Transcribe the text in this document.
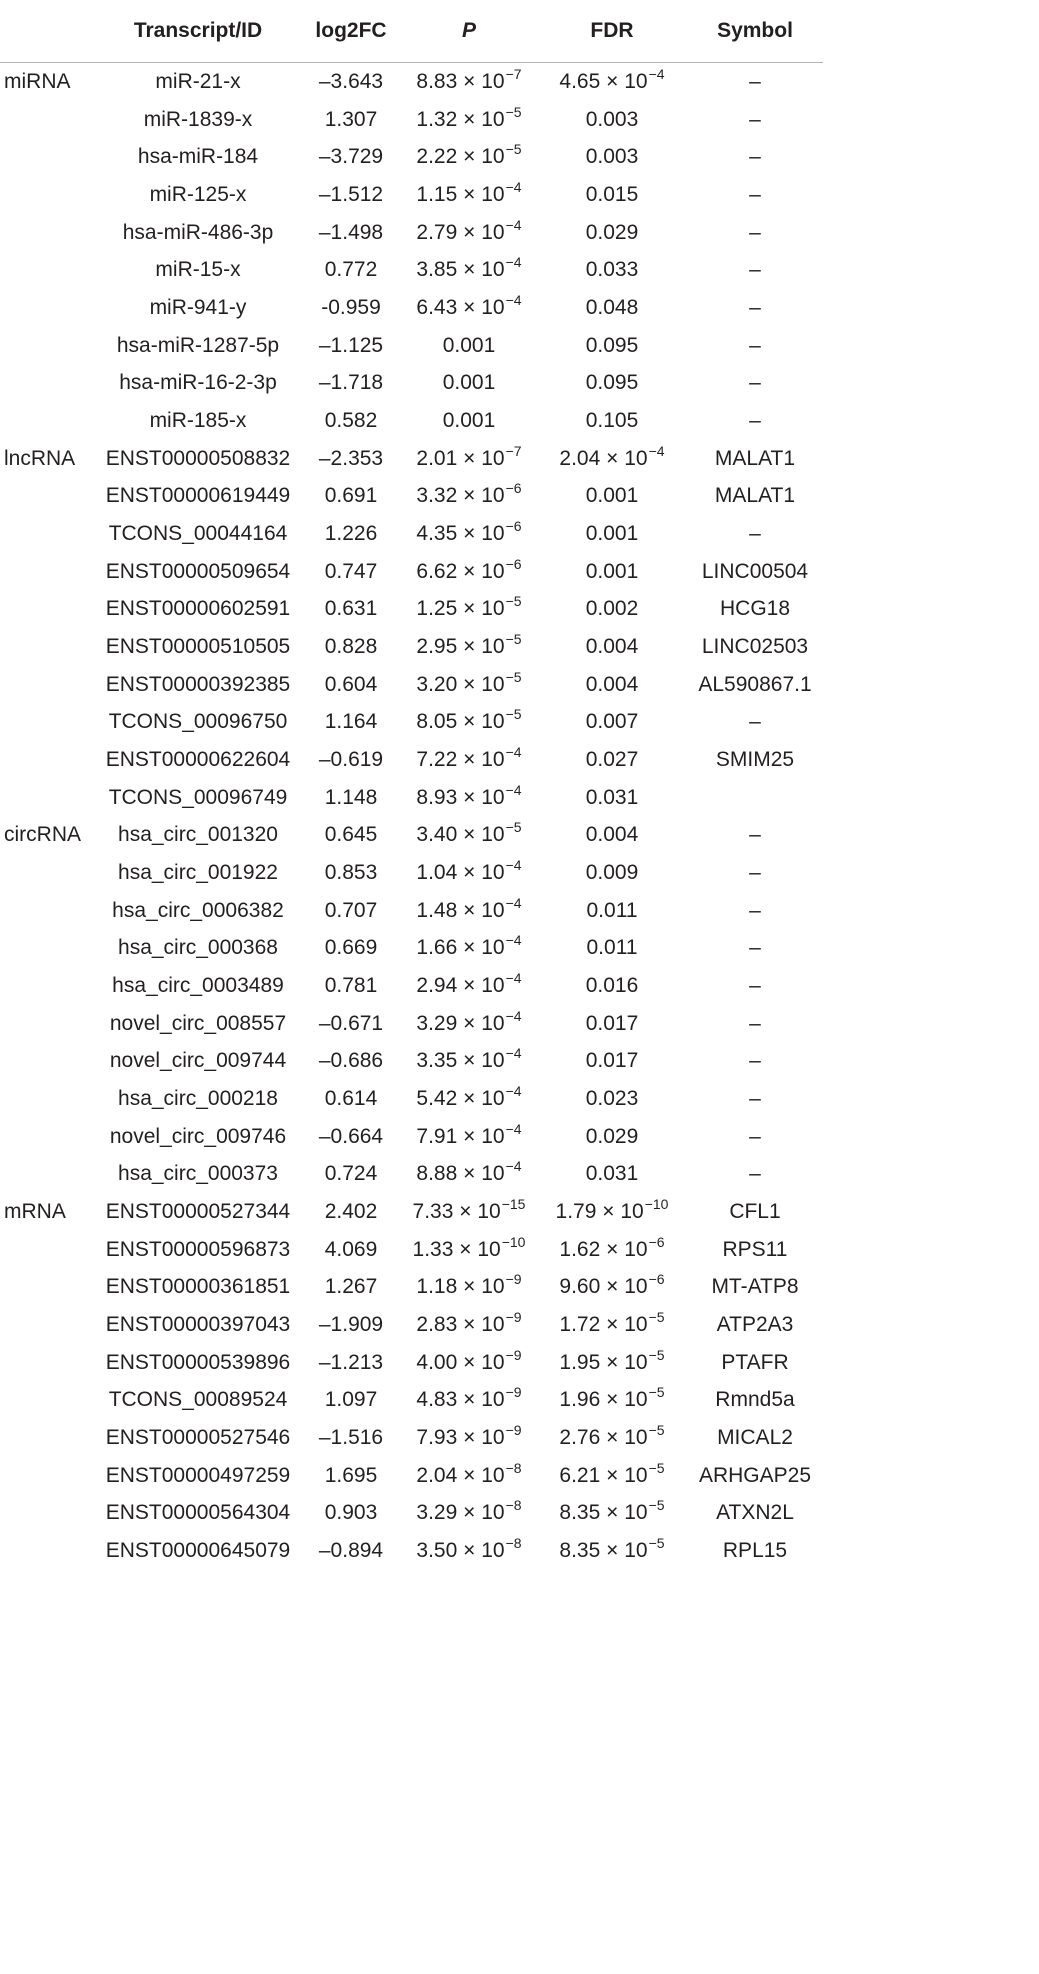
	Transcript/ID	log2FC	P	FDR	Symbol
miRNA	miR-21-x	–3.643	$8.83 \times 10^{-7}$	$4.65 \times 10^{-4}$	–
	miR-1839-x	1.307	$1.32 \times 10^{-5}$	0.003	–
	hsa-miR-184	–3.729	$2.22 \times 10^{-5}$	0.003	–
	miR-125-x	–1.512	$1.15 \times 10^{-4}$	0.015	–
	hsa-miR-486-3p	–1.498	$2.79 \times 10^{-4}$	0.029	–
	miR-15-x	0.772	$3.85 \times 10^{-4}$	0.033	–
	miR-941-y	-0.959	$6.43 \times 10^{-4}$	0.048	–
	hsa-miR-1287-5p	–1.125	0.001	0.095	–
	hsa-miR-16-2-3p	–1.718	0.001	0.095	–
	miR-185-x	0.582	0.001	0.105	–
lncRNA	ENST00000508832	–2.353	$2.01 \times 10^{-7}$	$2.04 \times 10^{-4}$	MALAT1
	ENST00000619449	0.691	$3.32 \times 10^{-6}$	0.001	MALAT1
	TCONS_00044164	1.226	$4.35 \times 10^{-6}$	0.001	–
	ENST00000509654	0.747	$6.62 \times 10^{-6}$	0.001	LINC00504
	ENST00000602591	0.631	$1.25 \times 10^{-5}$	0.002	HCG18
	ENST00000510505	0.828	$2.95 \times 10^{-5}$	0.004	LINC02503
	ENST00000392385	0.604	$3.20 \times 10^{-5}$	0.004	AL590867.1
	TCONS_00096750	1.164	$8.05 \times 10^{-5}$	0.007	–
	ENST00000622604	–0.619	$7.22 \times 10^{-4}$	0.027	SMIM25
	TCONS_00096749	1.148	$8.93 \times 10^{-4}$	0.031	
circRNA	hsa_circ_001320	0.645	$3.40 \times 10^{-5}$	0.004	–
	hsa_circ_001922	0.853	$1.04 \times 10^{-4}$	0.009	–
	hsa_circ_0006382	0.707	$1.48 \times 10^{-4}$	0.011	–
	hsa_circ_000368	0.669	$1.66 \times 10^{-4}$	0.011	–
	hsa_circ_0003489	0.781	$2.94 \times 10^{-4}$	0.016	–
	novel_circ_008557	–0.671	$3.29 \times 10^{-4}$	0.017	–
	novel_circ_009744	–0.686	$3.35 \times 10^{-4}$	0.017	–
	hsa_circ_000218	0.614	$5.42 \times 10^{-4}$	0.023	–
	novel_circ_009746	–0.664	$7.91 \times 10^{-4}$	0.029	–
	hsa_circ_000373	0.724	$8.88 \times 10^{-4}$	0.031	–
mRNA	ENST00000527344	2.402	$7.33 \times 10^{-15}$	$1.79 \times 10^{-10}$	CFL1
	ENST00000596873	4.069	$1.33 \times 10^{-10}$	$1.62 \times 10^{-6}$	RPS11
	ENST00000361851	1.267	$1.18 \times 10^{-9}$	$9.60 \times 10^{-6}$	MT-ATP8
	ENST00000397043	–1.909	$2.83 \times 10^{-9}$	$1.72 \times 10^{-5}$	ATP2A3
	ENST00000539896	–1.213	$4.00 \times 10^{-9}$	$1.95 \times 10^{-5}$	PTAFR
	TCONS_00089524	1.097	$4.83 \times 10^{-9}$	$1.96 \times 10^{-5}$	Rmnd5a
	ENST00000527546	–1.516	$7.93 \times 10^{-9}$	$2.76 \times 10^{-5}$	MICAL2
	ENST00000497259	1.695	$2.04 \times 10^{-8}$	$6.21 \times 10^{-5}$	ARHGAP25
	ENST00000564304	0.903	$3.29 \times 10^{-8}$	$8.35 \times 10^{-5}$	ATXN2L
	ENST00000645079	–0.894	$3.50 \times 10^{-8}$	$8.35 \times 10^{-5}$	RPL15
